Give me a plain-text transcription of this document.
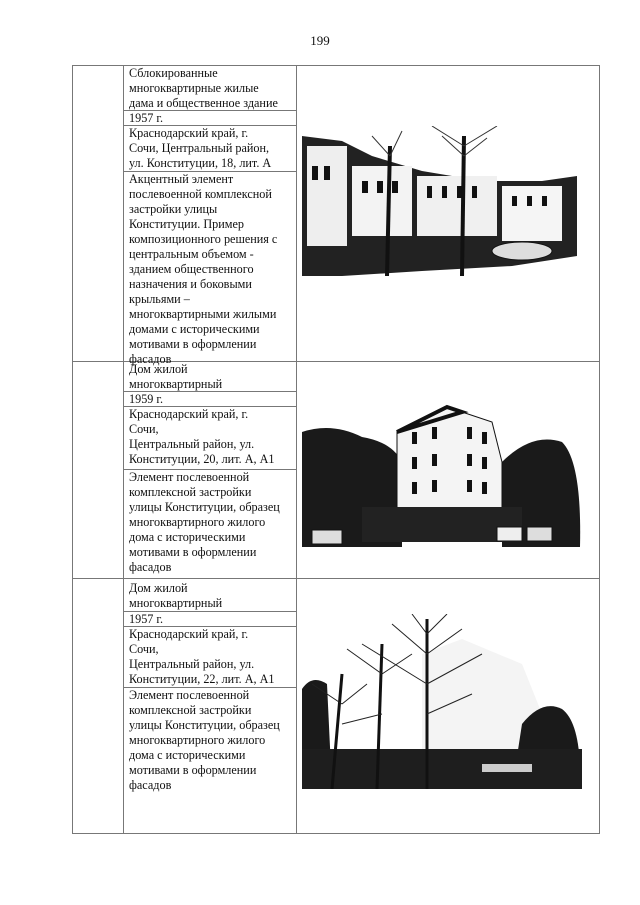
199
Сблокированные
многоквартирные жилые
дама и общественное здание
1957 г.
Краснодарский край, г.
Сочи, Центральный район,
ул. Конституции, 18, лит. А
Акцентный элемент
послевоенной комплексной
застройки улицы
Конституции. Пример
композиционного решения с
центральным объемом -
зданием общественного
назначения и боковыми
крыльями –
многоквартирными жилыми
домами с историческими
мотивами в оформлении
фасадов
Дом жилой
многоквартирный
1959 г.
Краснодарский край, г.
Сочи,
Центральный район, ул.
Конституции, 20, лит. А, А1
Элемент послевоенной
комплексной застройки
улицы Конституции, образец
многоквартирного жилого
дома с историческими
мотивами в оформлении
фасадов
Дом жилой
многоквартирный
1957 г.
Краснодарский край, г.
Сочи,
Центральный район, ул.
Конституции, 22, лит. А, А1
Элемент послевоенной
комплексной застройки
улицы Конституции, образец
многоквартирного жилого
дома с историческими
мотивами в оформлении
фасадов
